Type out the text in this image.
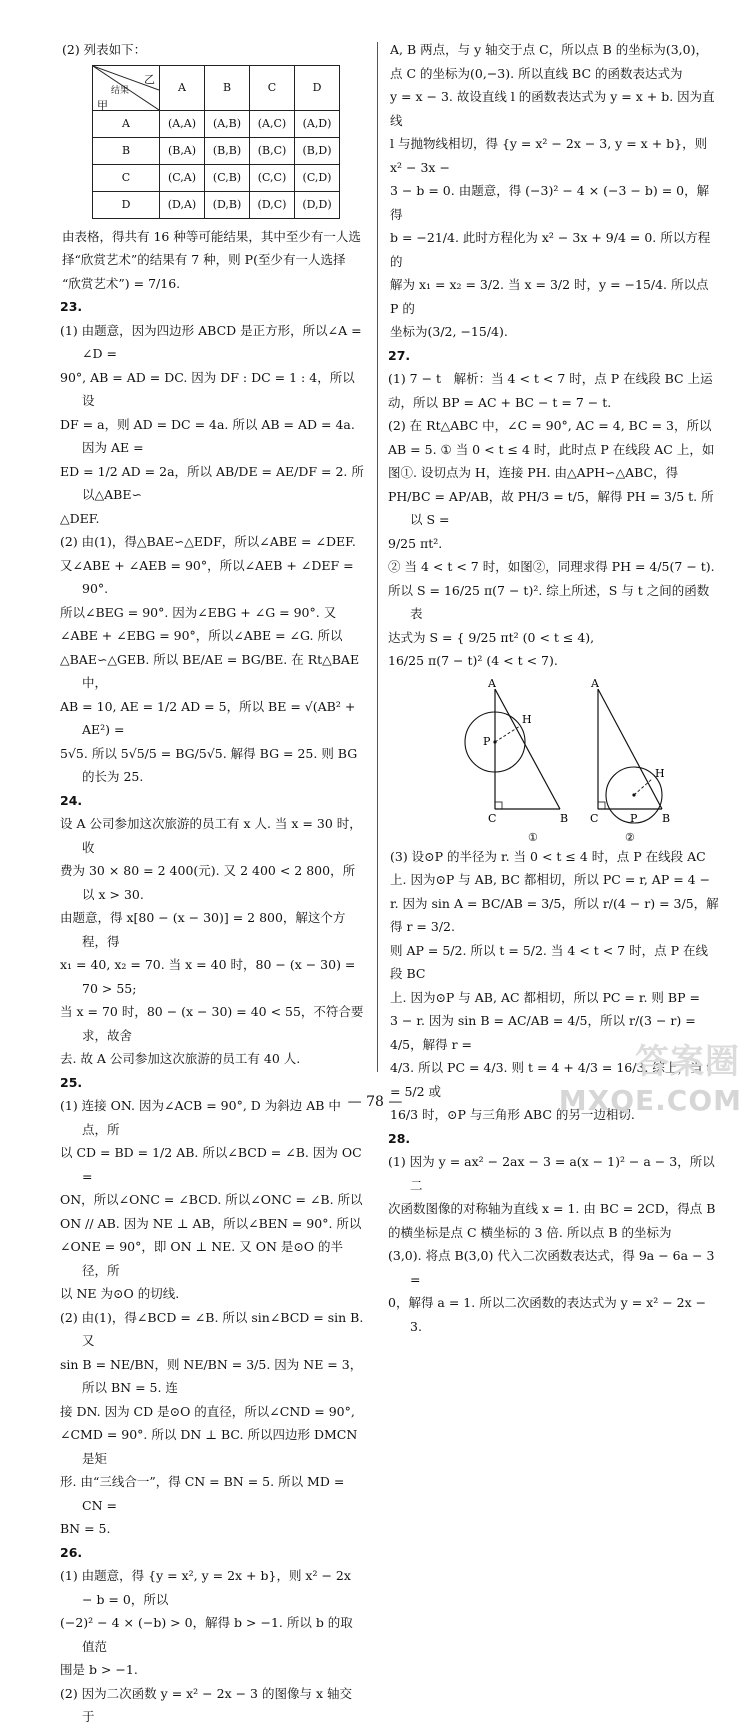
(2) 列表如下：

乙
结果
甲	A	B	C	D
A	(A,A)	(A,B)	(A,C)	(A,D)
B	(B,A)	(B,B)	(B,C)	(B,D)
C	(C,A)	(C,B)	(C,C)	(C,D)
D	(D,A)	(D,B)	(D,C)	(D,D)
由表格，得共有 16 种等可能结果，其中至少有一人选
择“欣赏艺术”的结果有 7 种，则 P(至少有一人选择
“欣赏艺术”) = 7/16.
23.
(1) 由题意，因为四边形 ABCD 是正方形，所以∠A = ∠D =
90°, AB = AD = DC. 因为 DF : DC = 1 : 4，所以设
DF = a，则 AD = DC = 4a. 所以 AB = AD = 4a. 因为 AE =
ED = 1/2 AD = 2a，所以 AB/DE = AE/DF = 2. 所以△ABE∽
△DEF.
(2) 由(1)，得△BAE∽△EDF，所以∠ABE = ∠DEF.
又∠ABE + ∠AEB = 90°，所以∠AEB + ∠DEF = 90°.
所以∠BEG = 90°. 因为∠EBG + ∠G = 90°. 又
∠ABE + ∠EBG = 90°，所以∠ABE = ∠G. 所以
△BAE∽△GEB. 所以 BE/AE = BG/BE. 在 Rt△BAE 中，
AB = 10, AE = 1/2 AD = 5，所以 BE = √(AB² + AE²) =
5√5. 所以 5√5/5 = BG/5√5. 解得 BG = 25. 则 BG 的长为 25.
24.
设 A 公司参加这次旅游的员工有 x 人. 当 x = 30 时，收
费为 30 × 80 = 2 400(元). 又 2 400 < 2 800，所以 x > 30.
由题意，得 x[80 − (x − 30)] = 2 800，解这个方程，得
x₁ = 40, x₂ = 70. 当 x = 40 时，80 − (x − 30) = 70 > 55;
当 x = 70 时，80 − (x − 30) = 40 < 55，不符合要求，故舍
去. 故 A 公司参加这次旅游的员工有 40 人.
25.
(1) 连接 ON. 因为∠ACB = 90°, D 为斜边 AB 中点，所
以 CD = BD = 1/2 AB. 所以∠BCD = ∠B. 因为 OC =
ON，所以∠ONC = ∠BCD. 所以∠ONC = ∠B. 所以
ON // AB. 因为 NE ⊥ AB，所以∠BEN = 90°. 所以
∠ONE = 90°，即 ON ⊥ NE. 又 ON 是⊙O 的半径，所
以 NE 为⊙O 的切线.
(2) 由(1)，得∠BCD = ∠B. 所以 sin∠BCD = sin B. 又
sin B = NE/BN，则 NE/BN = 3/5. 因为 NE = 3，所以 BN = 5. 连
接 DN. 因为 CD 是⊙O 的直径，所以∠CND = 90°,
∠CMD = 90°. 所以 DN ⊥ BC. 所以四边形 DMCN 是矩
形. 由“三线合一”，得 CN = BN = 5. 所以 MD = CN =
BN = 5.
26.
(1) 由题意，得 {y = x², y = 2x + b}，则 x² − 2x − b = 0，所以
(−2)² − 4 × (−b) > 0，解得 b > −1. 所以 b 的取值范
围是 b > −1.
(2) 因为二次函数 y = x² − 2x − 3 的图像与 x 轴交于
A, B 两点，与 y 轴交于点 C，所以点 B 的坐标为(3,0)，
点 C 的坐标为(0,−3). 所以直线 BC 的函数表达式为
y = x − 3. 故设直线 l 的函数表达式为 y = x + b. 因为直线
l 与抛物线相切，得 {y = x² − 2x − 3, y = x + b}，则 x² − 3x −
3 − b = 0. 由题意，得 (−3)² − 4 × (−3 − b) = 0，解得
b = −21/4. 此时方程化为 x² − 3x + 9/4 = 0. 所以方程的
解为 x₁ = x₂ = 3/2. 当 x = 3/2 时，y = −15/4. 所以点 P 的
坐标为(3/2, −15/4).
27.
(1) 7 − t　解析：当 4 < t < 7 时，点 P 在线段 BC 上运
动，所以 BP = AC + BC − t = 7 − t.
(2) 在 Rt△ABC 中，∠C = 90°, AC = 4, BC = 3，所以
AB = 5. ① 当 0 < t ≤ 4 时，此时点 P 在线段 AC 上，如
图①. 设切点为 H，连接 PH. 由△APH∽△ABC，得
PH/BC = AP/AB，故 PH/3 = t/5，解得 PH = 3/5 t. 所以 S =
9/25 πt².
② 当 4 < t < 7 时，如图②，同理求得 PH = 4/5(7 − t).
所以 S = 16/25 π(7 − t)². 综上所述，S 与 t 之间的函数表
达式为 S = { 9/25 πt² (0 < t ≤ 4),
16/25 π(7 − t)² (4 < t < 7).
A
H
P
C	B
①
A
H
P
C	B
②
(3) 设⊙P 的半径为 r. 当 0 < t ≤ 4 时，点 P 在线段 AC
上. 因为⊙P 与 AB, BC 都相切，所以 PC = r, AP = 4 −
r. 因为 sin A = BC/AB = 3/5，所以 r/(4 − r) = 3/5，解得 r = 3/2.
则 AP = 5/2. 所以 t = 5/2. 当 4 < t < 7 时，点 P 在线段 BC
上. 因为⊙P 与 AB, AC 都相切，所以 PC = r. 则 BP =
3 − r. 因为 sin B = AC/AB = 4/5，所以 r/(3 − r) = 4/5，解得 r =
4/3. 所以 PC = 4/3. 则 t = 4 + 4/3 = 16/3. 综上，当 t = 5/2 或
16/3 时，⊙P 与三角形 ABC 的另一边相切.
28.
(1) 因为 y = ax² − 2ax − 3 = a(x − 1)² − a − 3，所以二
次函数图像的对称轴为直线 x = 1. 由 BC = 2CD，得点 B
的横坐标是点 C 横坐标的 3 倍. 所以点 B 的坐标为
(3,0). 将点 B(3,0) 代入二次函数表达式，得 9a − 6a − 3 =
0，解得 a = 1. 所以二次函数的表达式为 y = x² − 2x − 3.
— 78 —
答案圈
MXQE.COM
